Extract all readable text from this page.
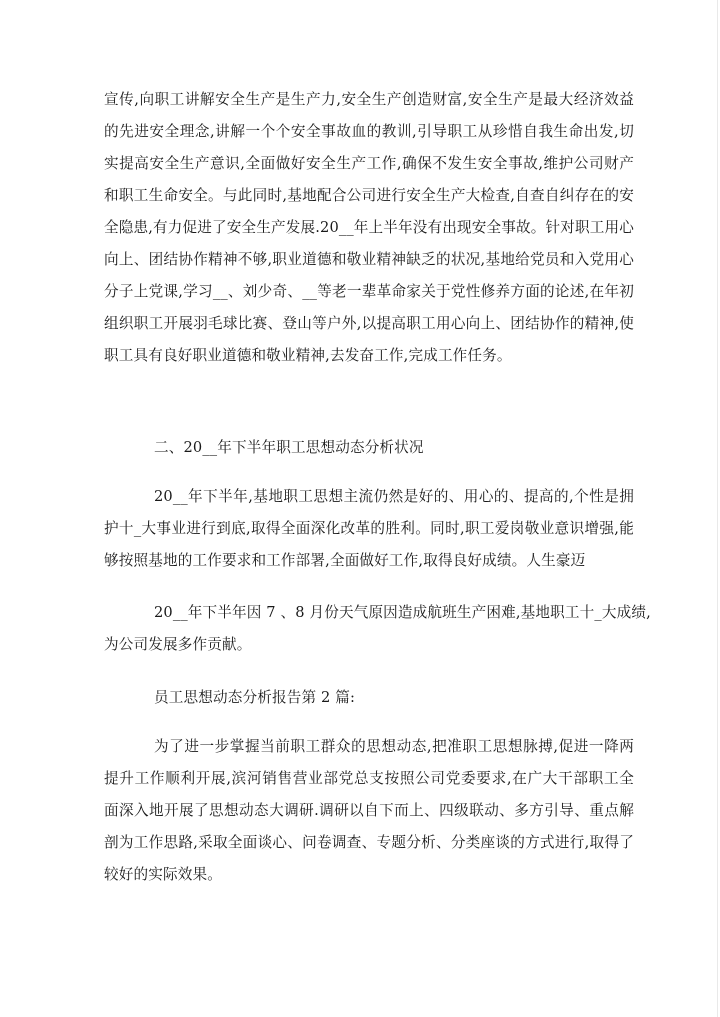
宣传,向职工讲解安全生产是生产力,安全生产创造财富,安全生产是最大经济效益
的先进安全理念,讲解一个个安全事故血的教训,引导职工从珍惜自我生命出发,切
实提高安全生产意识,全面做好安全生产工作,确保不发生安全事故,维护公司财产
和职工生命安全。与此同时,基地配合公司进行安全生产大检查,自查自纠存在的安
全隐患,有力促进了安全生产发展.20__年上半年没有出现安全事故。针对职工用心
向上、团结协作精神不够,职业道德和敬业精神缺乏的状况,基地给党员和入党用心
分子上党课,学习__、刘少奇、__等老一辈革命家关于党性修养方面的论述,在年初
组织职工开展羽毛球比赛、登山等户外,以提高职工用心向上、团结协作的精神,使
职工具有良好职业道德和敬业精神,去发奋工作,完成工作任务。
二、20__年下半年职工思想动态分析状况
20__年下半年,基地职工思想主流仍然是好的、用心的、提高的,个性是拥
护十_大事业进行到底,取得全面深化改革的胜利。同时,职工爱岗敬业意识增强,能
够按照基地的工作要求和工作部署,全面做好工作,取得良好成绩。人生豪迈
20__年下半年因 7 、8 月份天气原因造成航班生产困难,基地职工十_大成绩,
为公司发展多作贡献。
员工思想动态分析报告第 2 篇:
为了进一步掌握当前职工群众的思想动态,把准职工思想脉搏,促进一降两
提升工作顺利开展,滨河销售营业部党总支按照公司党委要求,在广大干部职工全
面深入地开展了思想动态大调研.调研以自下而上、四级联动、多方引导、重点解
剖为工作思路,采取全面谈心、问卷调查、专题分析、分类座谈的方式进行,取得了
较好的实际效果。
